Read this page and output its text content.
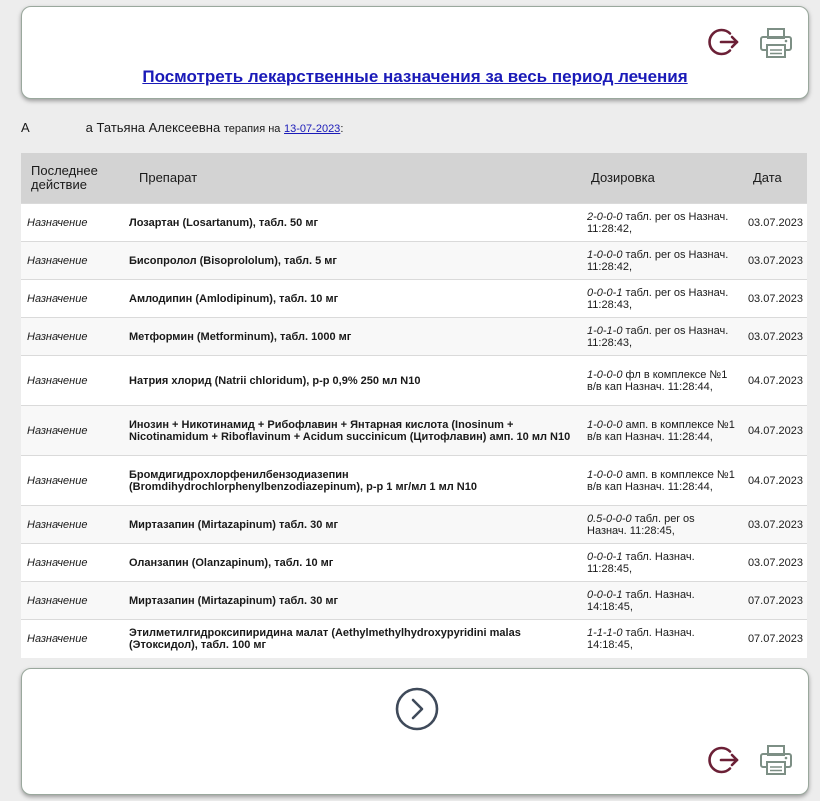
Посмотреть лекарственные назначения за весь период лечения
А	а Татьяна Алексеевна терапия на 13-07-2023:
Последнее действие	Препарат	Дозировка	Дата
Назначение	Лозартан (Losartanum), табл. 50 мг	2-0-0-0 табл. per os Назнач. 11:28:42,	03.07.2023
Назначение	Бисопролол (Bisoprololum), табл. 5 мг	1-0-0-0 табл. per os Назнач. 11:28:42,	03.07.2023
Назначение	Амлодипин (Amlodipinum), табл. 10 мг	0-0-0-1 табл. per os Назнач. 11:28:43,	03.07.2023
Назначение	Метформин (Metforminum), табл. 1000 мг	1-0-1-0 табл. per os Назнач. 11:28:43,	03.07.2023
Назначение	Натрия хлорид (Natrii chloridum), р-р 0,9% 250 мл N10	1-0-0-0 фл в комплексе №1 в/в кап Назнач. 11:28:44,	04.07.2023
Назначение	Инозин + Никотинамид + Рибофлавин + Янтарная кислота (Inosinum + Nicotinamidum + Riboflavinum + Acidum succinicum (Цитофлавин) амп. 10 мл N10	1-0-0-0 амп. в комплексе №1 в/в кап Назнач. 11:28:44,	04.07.2023
Назначение	Бромдигидрохлорфенилбензодиазепин (Bromdihydrochlorphenylbenzodiazepinum), р-р 1 мг/мл 1 мл N10	1-0-0-0 амп. в комплексе №1 в/в кап Назнач. 11:28:44,	04.07.2023
Назначение	Миртазапин (Mirtazapinum) табл. 30 мг	0.5-0-0-0 табл. per os Назнач. 11:28:45,	03.07.2023
Назначение	Оланзапин (Olanzapinum), табл. 10 мг	0-0-0-1 табл. Назнач. 11:28:45,	03.07.2023
Назначение	Миртазапин (Mirtazapinum) табл. 30 мг	0-0-0-1 табл. Назнач. 14:18:45,	07.07.2023
Назначение	Этилметилгидроксипиридина малат (Aethylmethylhydroxypyridini malas (Этоксидол), табл. 100 мг	1-1-1-0 табл. Назнач. 14:18:45,	07.07.2023
